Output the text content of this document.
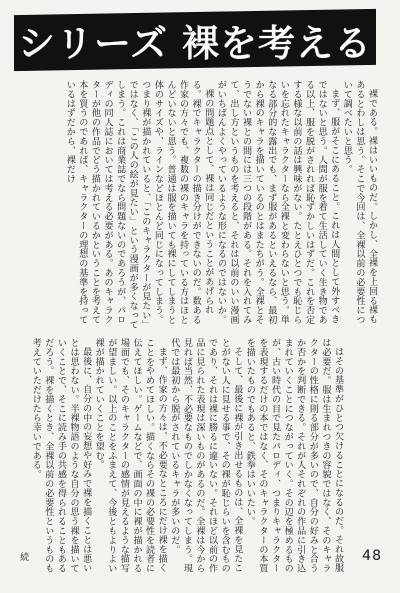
シリーズ 裸を考える

裸である。裸はいいものだ。しかし、全裸を上回る裸もあるとわしは思う。そこで今回は、全裸以前の必要性について調べたいと思う。

まず、服がそこにあること。これは人間として外すべきではないと思う。人間が服を着て生活していく生き物である以上、服を脱がされれば恥ずかしいはずだ。これを否定する様な以前の話は興味がない。たとえひとつでも恥じらいを忘れたキャラクターなら全裸と変わらないと思う。単なる部分的な露出でも、まず服があるといえるなら、最初から裸のキャラを描いているのとはまたちがう。全裸とそうでない裸との間には三つの段階がある。それを入れてみて、出し方というものを考えると、それは以前のいい漫画がいちばんよくやっているような形になるのではないか。

裸の問題点として、裸は同じだということがあげられる。裸でキャラクターの描き分けができないのだ。数ある作家の方々でも、複数の裸のキャラを持っている方はほとんどいないと思う。普通は服を描いても裸にしてしまうと体のサイズや、ラインなどほとんど同じになってしまう。つまり裸が描かれていると、「このキャラクターが見たい」ではなく、「この人の絵が見たい」という漫画が多くなってしまう。これは商業誌でなら問題ないのであろうが、パロディの同人誌においては考える必要がある。あのキャラクターが他の作品でどう描かれているかということを考えて本を買うのであれば、キャラクターの理想の基準を持っているはずだから、裸だけ

はその基準がひとつ欠けることになるのだ。それ故服は必要だ。服は生まれつきの容貌ではなく、そのキャラクターの性格に則る部分が多いので、自分の好みと合うか否かを判断できる。それが人それぞれの作品に引き込まれていくことにつながっていく。その辺を極めるものが、古い時代の目で見たパロディ、つまりキャラクターを表現するだけの本ではなく、そのキャラクターの本質を描いたものでもあると、鉄拳はいいたい。

そして、最後に裸が引き出せるものは、全裸を見たことがない人に見せる事で、その裸が恥じらいを含むものであり、それは裸に勝るに違いない。それほど以前の作品に見られた表現は深いものがあるのだ。全裸は今から見れば当然、不必要なものでしかなくなってしまう。現代では最初から脱がされているキャラが多いのだ。

まず、作家の方々は、不必要なところにだけ裸を描くことをやめてほしい。描くならその裸の必要性を読者に伝えてほしい。ゲームなどで、画面の中に裸が描かれる場面でも、そのキャラクターの感情が見えるような描写が望ましい。以上のことをふまえて、今後ともよりよい裸が描かれていくことを望む。

最後に、自分の中の妄想や好みで裸を描くことは悪いとは思わない。半裸物語のような自分の思う裸を描いていくことで、そこに読み手の共感を得られることもあるだろう。裸を描くとき、全裸以前の必要性というものも考えていただけたら幸いである。

続	48
